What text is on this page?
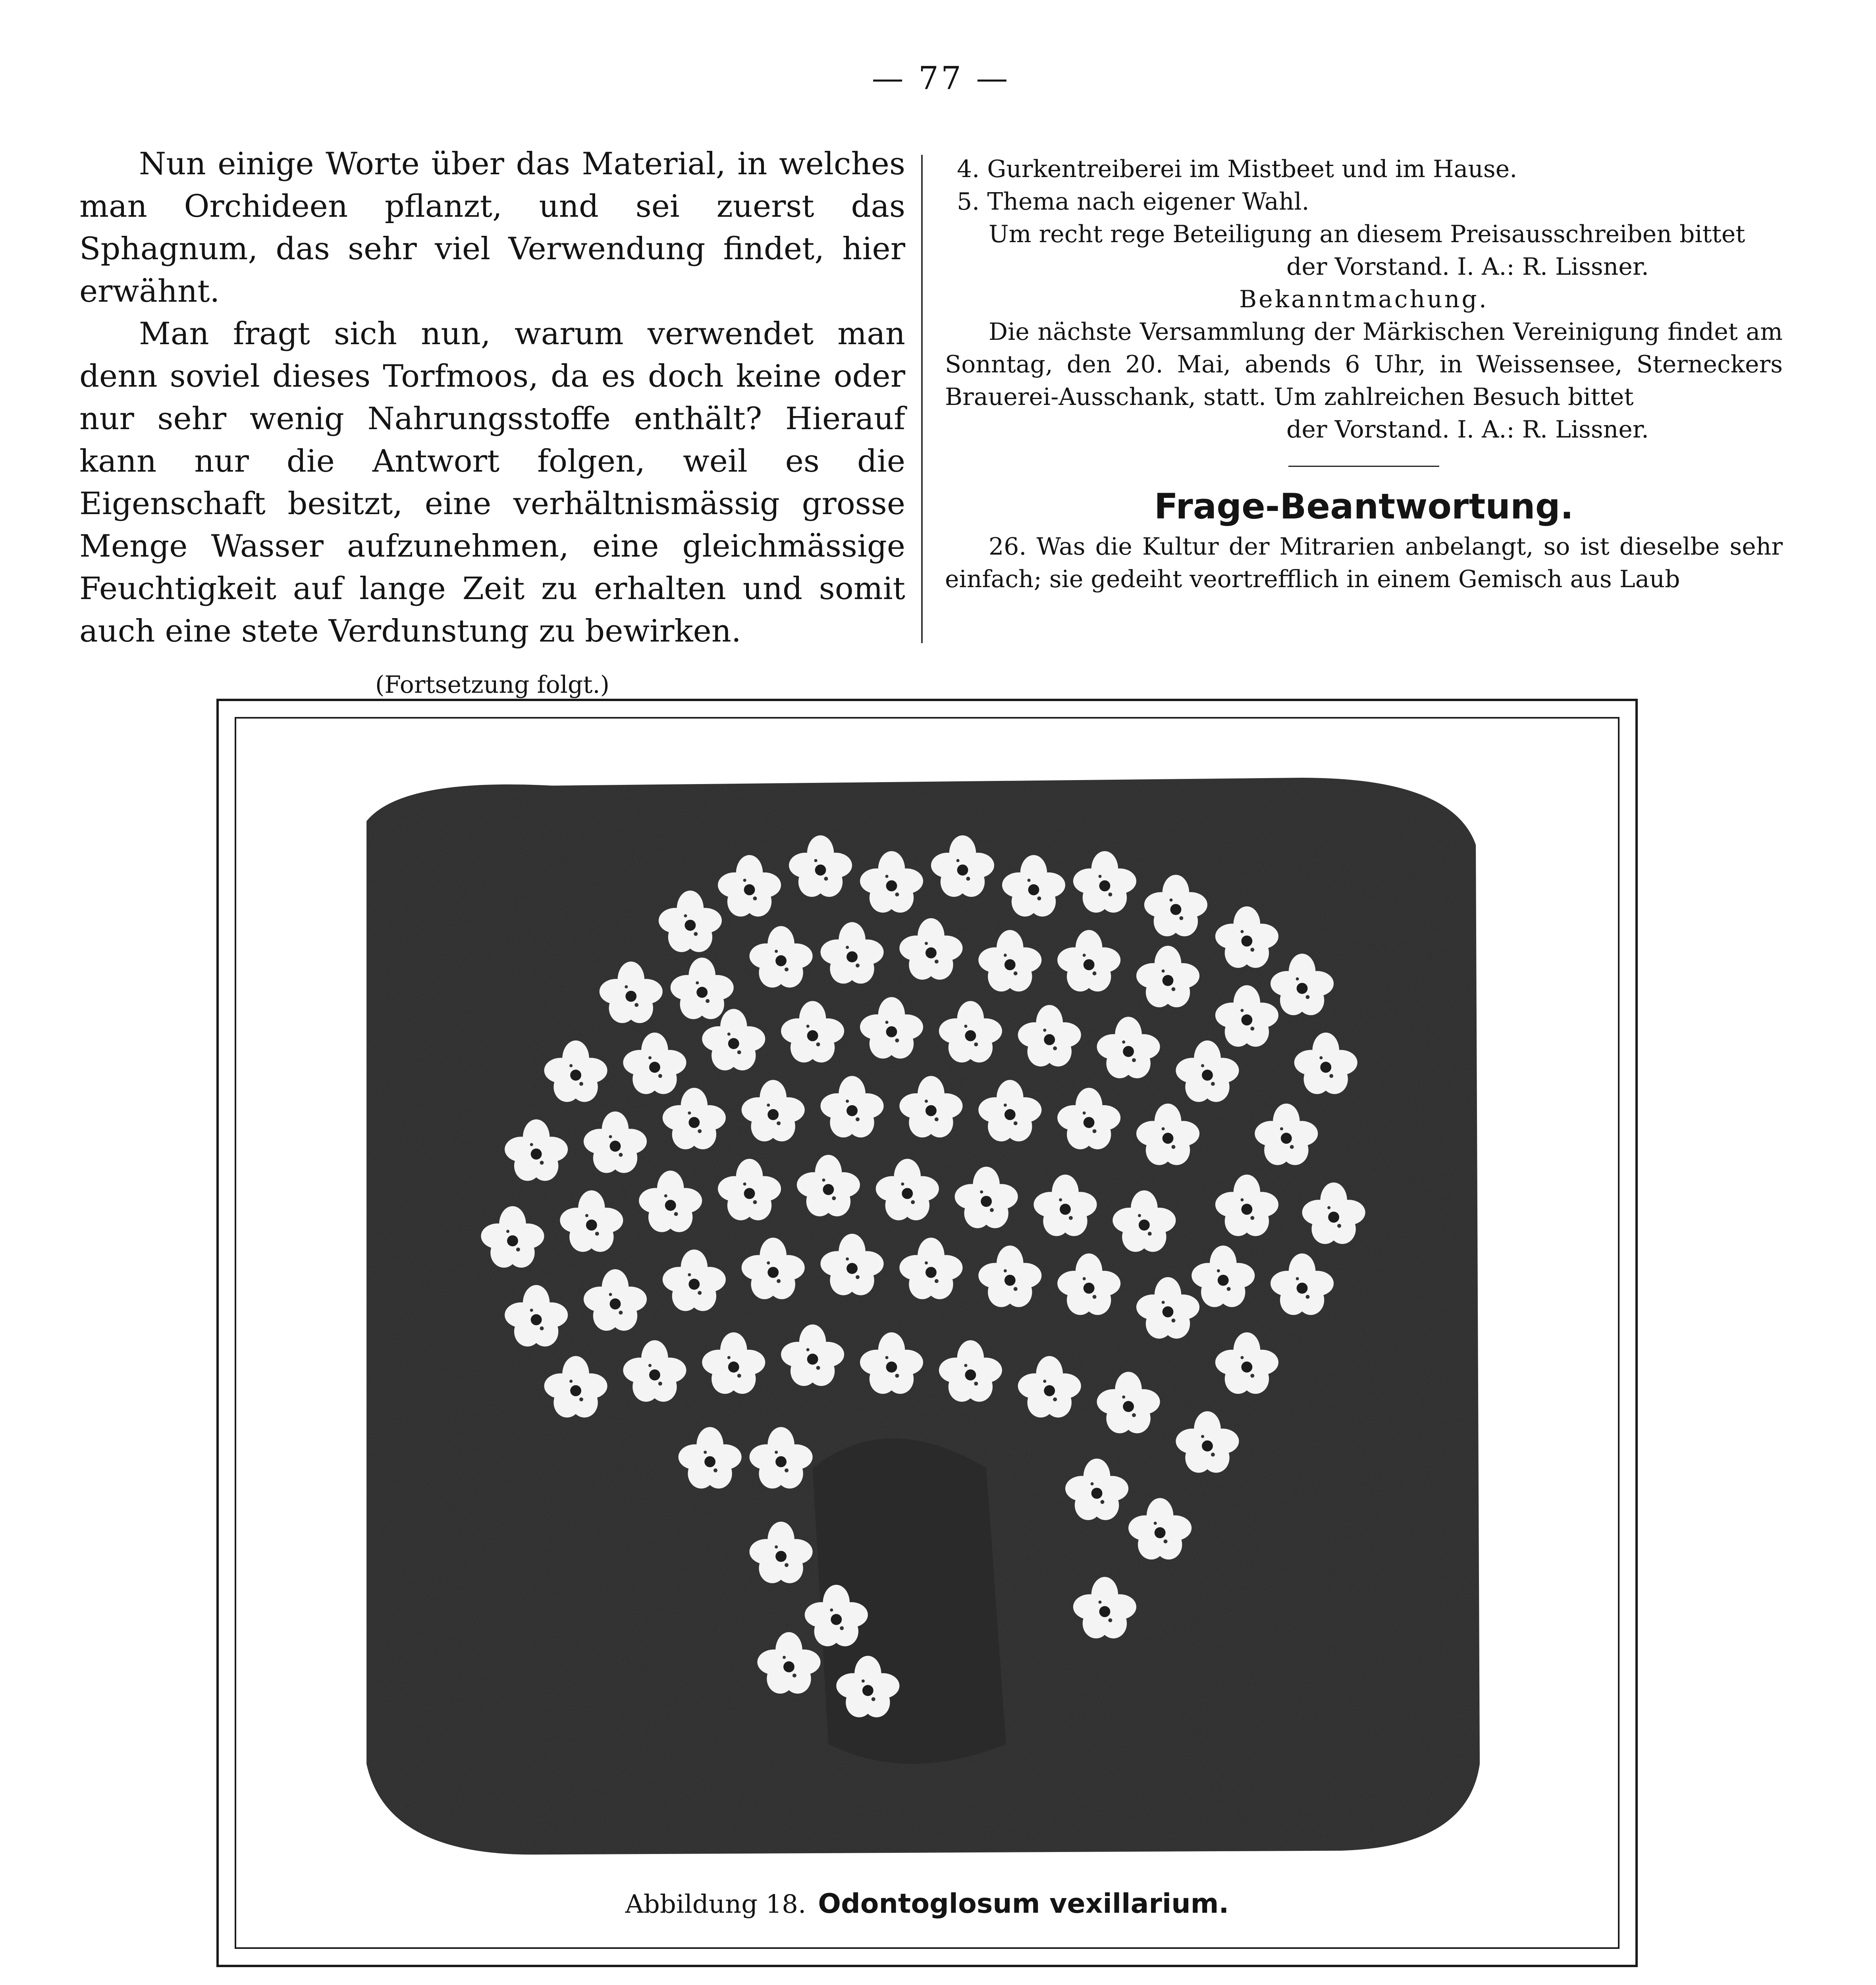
— 77 —

Nun einige Worte über das Material, in welches man Orchideen pflanzt, und sei zuerst das Sphagnum, das sehr viel Verwendung findet, hier erwähnt.

Man fragt sich nun, warum verwendet man denn soviel dieses Torfmoos, da es doch keine oder nur sehr wenig Nahrungsstoffe enthält? Hierauf kann nur die Antwort folgen, weil es die Eigenschaft besitzt, eine verhältnismässig grosse Menge Wasser aufzunehmen, eine gleichmässige Feuchtigkeit auf lange Zeit zu erhalten und somit auch eine stete Verdunstung zu bewirken.

(Fortsetzung folgt.)

4. Gurkentreiberei im Mistbeet und im Hause.

5. Thema nach eigener Wahl.

Um recht rege Beteiligung an diesem Preisausschreiben bittet

der Vorstand. I. A.: R. Lissner.

Bekanntmachung.

Die nächste Versammlung der Märkischen Vereinigung findet am Sonntag, den 20. Mai, abends 6 Uhr, in Weissensee, Sterneckers Brauerei-Ausschank, statt. Um zahlreichen Besuch bittet

der Vorstand. I. A.: R. Lissner.

Frage-Beantwortung.

26. Was die Kultur der Mitrarien anbelangt, so ist dieselbe sehr einfach; sie gedeiht veortrefflich in einem Gemisch aus Laub

Abbildung 18. Odontoglosum vexillarium.
